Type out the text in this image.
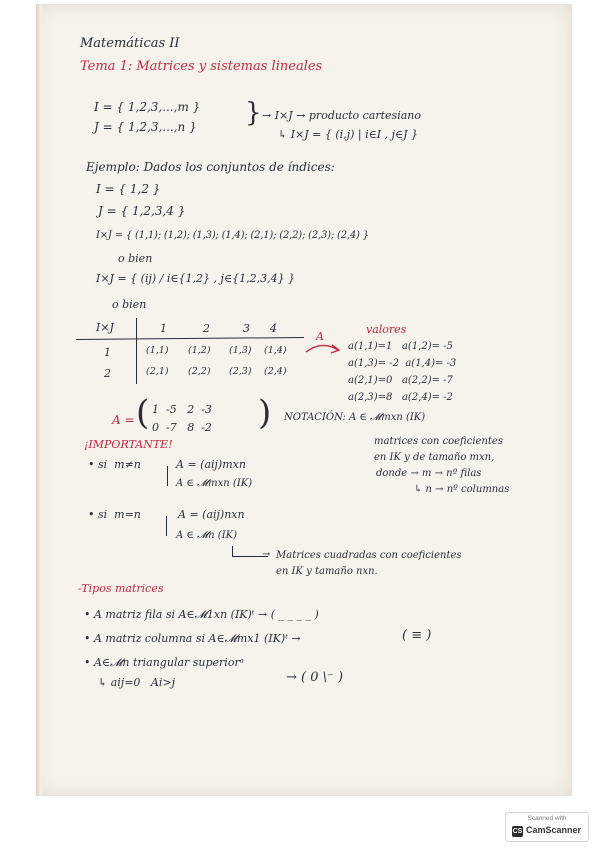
Matemáticas II
Tema 1: Matrices y sistemas lineales
I = { 1,2,3,...,m }
J = { 1,2,3,...,n } } → I×J → producto cartesiano
↳ I×J = { (i,j) | i∈I , j∈J }
Ejemplo: Dados los conjuntos de índices:
I = { 1,2 }
J = { 1,2,3,4 }
I×J = { (1,1); (1,2); (1,3); (1,4); (2,1); (2,2); (2,3); (2,4) }
o bien
I×J = { (ij) / i∈{1,2} , j∈{1,2,3,4} }
o bien
I×J	1	2	3 4
1	(1,1) (1,2) (1,3) (1,4)
2	(2,1) (2,2) (2,3) (2,4)
A
valores
a(1,1)=1   a(1,2)= -5
a(1,3)= -2  a(1,4)= -3
a(2,1)=0   a(2,2)= -7
a(2,3)=8   a(2,4)= -2
A = ( 1  -5   2  -3
0  -7   8  -2 ) NOTACIÓN: A ∈ 𝓜mxn (IK)
¡IMPORTANTE!
• si  m≠n	A = (aij)mxn
A ∈ 𝓜mxn (IK)
matrices con coeficientes
en IK y de tamaño mxn,
donde → m → nº filas
↳ n → nº columnas
• si  m=n	A = (aij)nxn
A ∈ 𝓜n (IK)
→ Matrices cuadradas con coeficientes
en IK y tamaño nxn.
-Tipos matrices
• A matriz fila si A∈𝓜1xn (IK)ᵗ → ( _ _ _ _ )
• A matriz columna si A∈𝓜mx1 (IK)ᵗ →	( ≡ )
• A∈𝓜n triangular superiorᵃ
↳ aij=0   Ai>j	→ ( 0 \⁻ )
Scanned with
CS CamScanner
